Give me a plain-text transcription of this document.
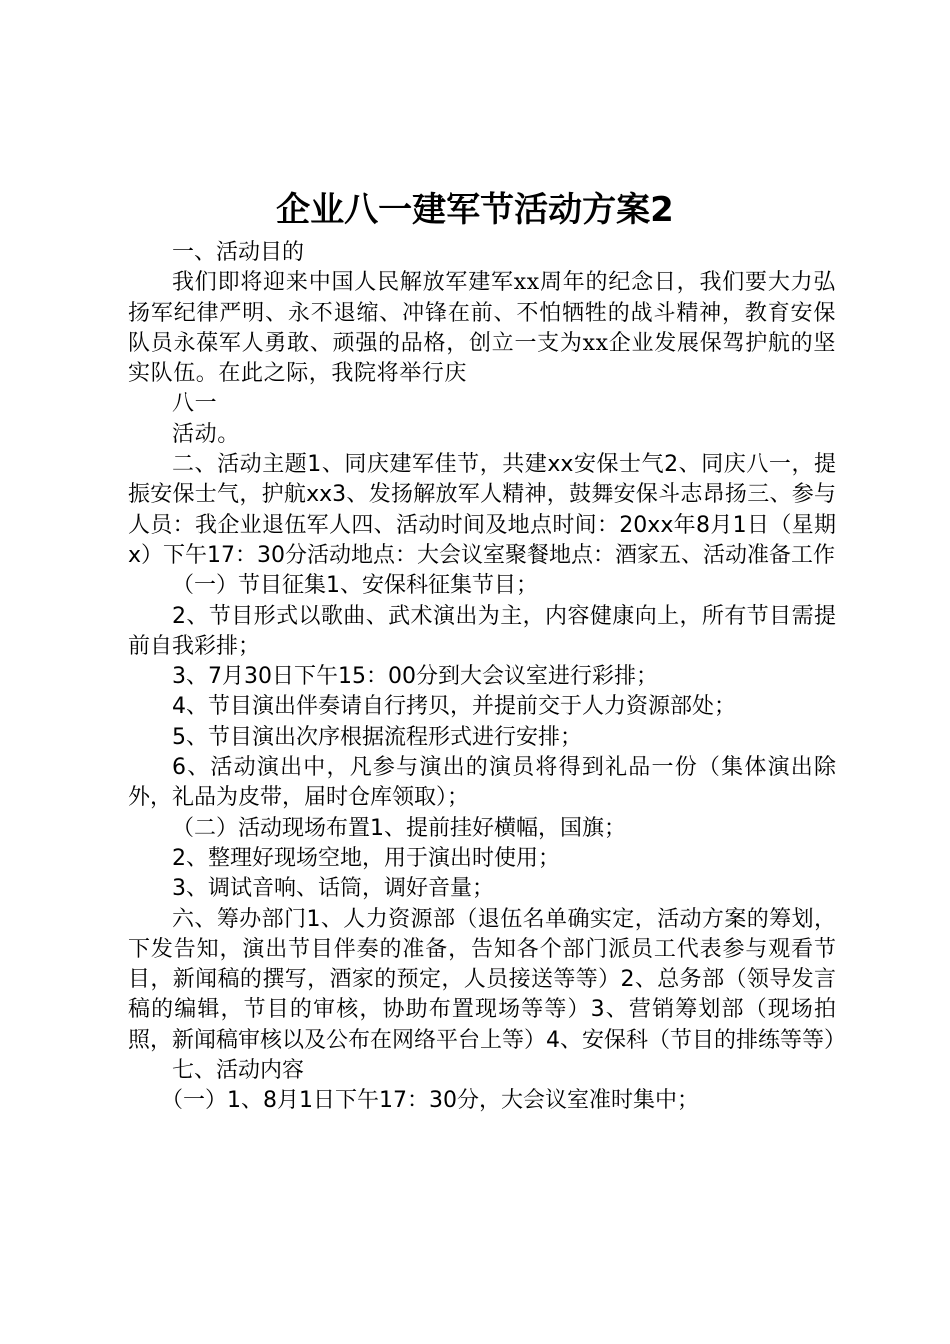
企业八一建军节活动方案2

一、活动目的

我们即将迎来中国人民解放军建军xx周年的纪念日，我们要大力弘扬军纪律严明、永不退缩、冲锋在前、不怕牺牲的战斗精神，教育安保队员永葆军人勇敢、顽强的品格，创立一支为xx企业发展保驾护航的坚实队伍。在此之际，我院将举行庆

八一

活动。

二、活动主题1、同庆建军佳节，共建xx安保士气2、同庆八一，提振安保士气，护航xx3、发扬解放军人精神，鼓舞安保斗志昂扬三、参与人员：我企业退伍军人四、活动时间及地点时间：20xx年8月1日（星期x）下午17：30分活动地点：大会议室聚餐地点：酒家五、活动准备工作

（一）节目征集1、安保科征集节目；

2、节目形式以歌曲、武术演出为主，内容健康向上，所有节目需提前自我彩排；

3、7月30日下午15：00分到大会议室进行彩排；

4、节目演出伴奏请自行拷贝，并提前交于人力资源部处；

5、节目演出次序根据流程形式进行安排；

6、活动演出中，凡参与演出的演员将得到礼品一份（集体演出除外，礼品为皮带，届时仓库领取）；

（二）活动现场布置1、提前挂好横幅，国旗；

2、整理好现场空地，用于演出时使用；

3、调试音响、话筒，调好音量；

六、筹办部门1、人力资源部（退伍名单确实定，活动方案的筹划，下发告知，演出节目伴奏的准备，告知各个部门派员工代表参与观看节目，新闻稿的撰写，酒家的预定，人员接送等等）2、总务部（领导发言稿的编辑，节目的审核，协助布置现场等等）3、营销筹划部（现场拍照，新闻稿审核以及公布在网络平台上等）4、安保科（节目的排练等等）

七、活动内容

（一）1、8月1日下午17：30分，大会议室准时集中；
